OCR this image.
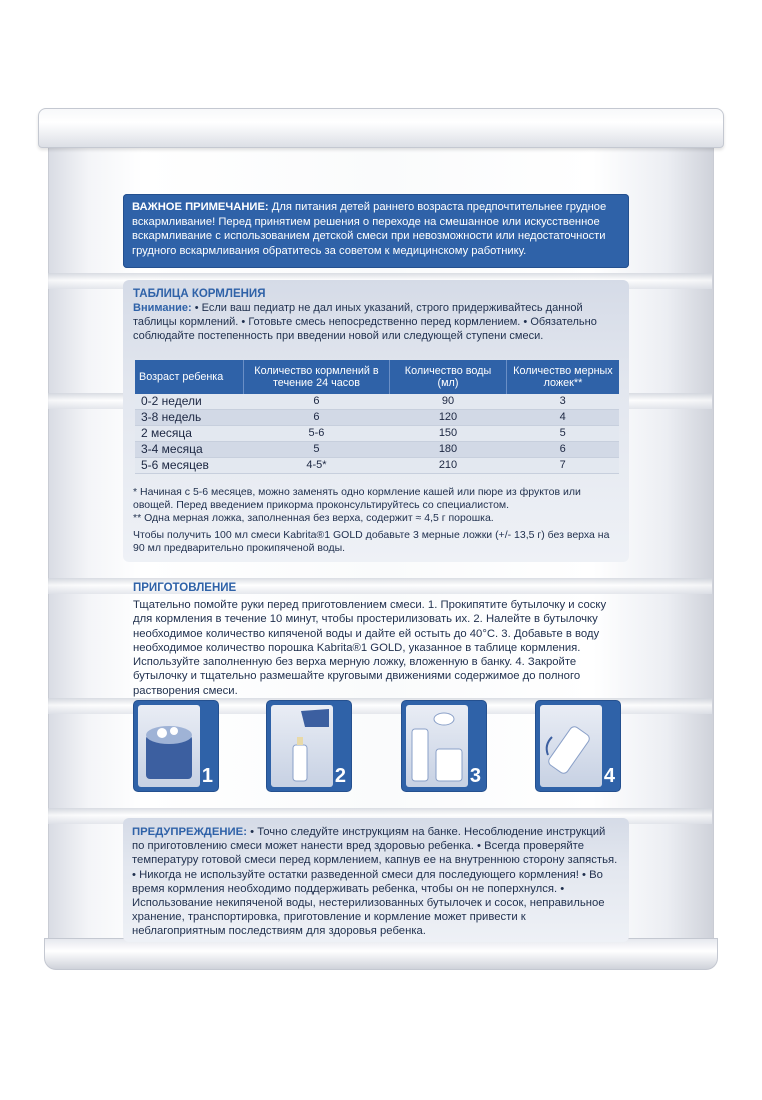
ВАЖНОЕ ПРИМЕЧАНИЕ: Для питания детей раннего возраста предпочтительнее грудное вскармливание! Перед принятием решения о переходе на смешанное или искусственное вскармливание с использованием детской смеси при невозможности или недостаточности грудного вскармливания обратитесь за советом к медицинскому работнику.
ТАБЛИЦА КОРМЛЕНИЯ
Внимание: • Если ваш педиатр не дал иных указаний, строго придерживайтесь данной таблицы кормлений. • Готовьте смесь непосредственно перед кормлением. • Обязательно соблюдайте постепенность при введении новой или следующей ступени смеси.
Возраст ребенка	Количество кормлений в течение 24 часов	Количество воды (мл)	Количество мерных ложек**
0-2 недели	6	90	3
3-8 недель	6	120	4
2 месяца	5-6	150	5
3-4 месяца	5	180	6
5-6 месяцев	4-5*	210	7
* Начиная с 5-6 месяцев, можно заменять одно кормление кашей или пюре из фруктов или овощей. Перед введением прикорма проконсультируйтесь со специалистом.
** Одна мерная ложка, заполненная без верха, содержит ≈ 4,5 г порошка.
Чтобы получить 100 мл смеси Kabrita®1 GOLD добавьте 3 мерные ложки (+/- 13,5 г) без верха на 90 мл предварительно прокипяченой воды.
ПРИГОТОВЛЕНИЕ
Тщательно помойте руки перед приготовлением смеси. 1. Прокипятите бутылочку и соску для кормления в течение 10 минут, чтобы простерилизовать их. 2. Налейте в бутылочку необходимое количество кипяченой воды и дайте ей остыть до 40°C. 3. Добавьте в воду необходимое количество порошка Kabrita®1 GOLD, указанное в таблице кормления. Используйте заполненную без верха мерную ложку, вложенную в банку. 4. Закройте бутылочку и тщательно размешайте круговыми движениями содержимое до полного растворения смеси.
1	2	3	4
ПРЕДУПРЕЖДЕНИЕ: • Точно следуйте инструкциям на банке. Несоблюдение инструкций по приготовлению смеси может нанести вред здоровью ребенка. • Всегда проверяйте температуру готовой смеси перед кормлением, капнув ее на внутреннюю сторону запястья. • Никогда не используйте остатки разведенной смеси для последующего кормления! • Во время кормления необходимо поддерживать ребенка, чтобы он не поперхнулся. • Использование некипяченой воды, нестерилизованных бутылочек и сосок, неправильное хранение, транспортировка, приготовление и кормление может привести к неблагоприятным последствиям для здоровья ребенка.
